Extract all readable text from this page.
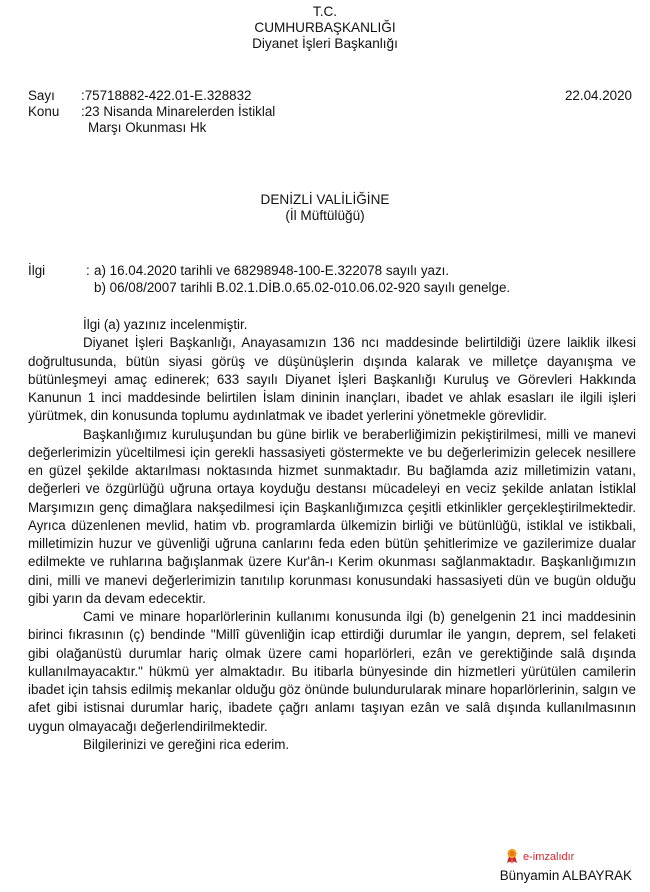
T.C.
CUMHURBAŞKANLIĞI
Diyanet İşleri Başkanlığı
Sayı :75718882-422.01-E.328832	22.04.2020
Konu :23 Nisanda Minarelerden İstiklal
Marşı Okunması Hk
DENİZLİ VALİLİĞİNE
(İl Müftülüğü)
İlgi	: a) 16.04.2020 tarihli ve 68298948-100-E.322078 sayılı yazı.
b) 06/08/2007 tarihli B.02.1.DİB.0.65.02-010.06.02-920 sayılı genelge.

İlgi (a) yazınız incelenmiştir.

Diyanet İşleri Başkanlığı, Anayasamızın 136 ncı maddesinde belirtildiği üzere laiklik ilkesi doğrultusunda, bütün siyasi görüş ve düşünüşlerin dışında kalarak ve milletçe dayanışma ve bütünleşmeyi amaç edinerek; 633 sayılı Diyanet İşleri Başkanlığı Kuruluş ve Görevleri Hakkında Kanunun 1 inci maddesinde belirtilen İslam dininin inançları, ibadet ve ahlak esasları ile ilgili işleri yürütmek, din konusunda toplumu aydınlatmak ve ibadet yerlerini yönetmekle görevlidir.

Başkanlığımız kuruluşundan bu güne birlik ve beraberliğimizin pekiştirilmesi, milli ve manevi değerlerimizin yüceltilmesi için gerekli hassasiyeti göstermekte ve bu değerlerimizin gelecek nesillere en güzel şekilde aktarılması noktasında hizmet sunmaktadır. Bu bağlamda aziz milletimizin vatanı, değerleri ve özgürlüğü uğruna ortaya koyduğu destansı mücadeleyi en veciz şekilde anlatan İstiklal Marşımızın genç dimağlara nakşedilmesi için Başkanlığımızca çeşitli etkinlikler gerçekleştirilmektedir. Ayrıca düzenlenen mevlid, hatim vb. programlarda ülkemizin birliği ve bütünlüğü, istiklal ve istikbali, milletimizin huzur ve güvenliği uğruna canlarını feda eden bütün şehitlerimize ve gazilerimize dualar edilmekte ve ruhlarına bağışlanmak üzere Kur'ân-ı Kerim okunması sağlanmaktadır. Başkanlığımızın dini, milli ve manevi değerlerimizin tanıtılıp korunması konusundaki hassasiyeti dün ve bugün olduğu gibi yarın da devam edecektir.

Cami ve minare hoparlörlerinin kullanımı konusunda ilgi (b) genelgenin 21 inci maddesinin birinci fıkrasının (ç) bendinde "Millî güvenliğin icap ettirdiği durumlar ile yangın, deprem, sel felaketi gibi olağanüstü durumlar hariç olmak üzere cami hoparlörleri, ezân ve gerektiğinde salâ dışında kullanılmayacaktır." hükmü yer almaktadır. Bu itibarla bünyesinde din hizmetleri yürütülen camilerin ibadet için tahsis edilmiş mekanlar olduğu göz önünde bulundurularak minare hoparlörlerinin, salgın ve afet gibi istisnai durumlar hariç, ibadete çağrı anlamı taşıyan ezân ve salâ dışında kullanılmasının uygun olmayacağı değerlendirilmektedir.

Bilgilerinizi ve gereğini rica ederim.

e-imzalıdır
Bünyamin ALBAYRAK
